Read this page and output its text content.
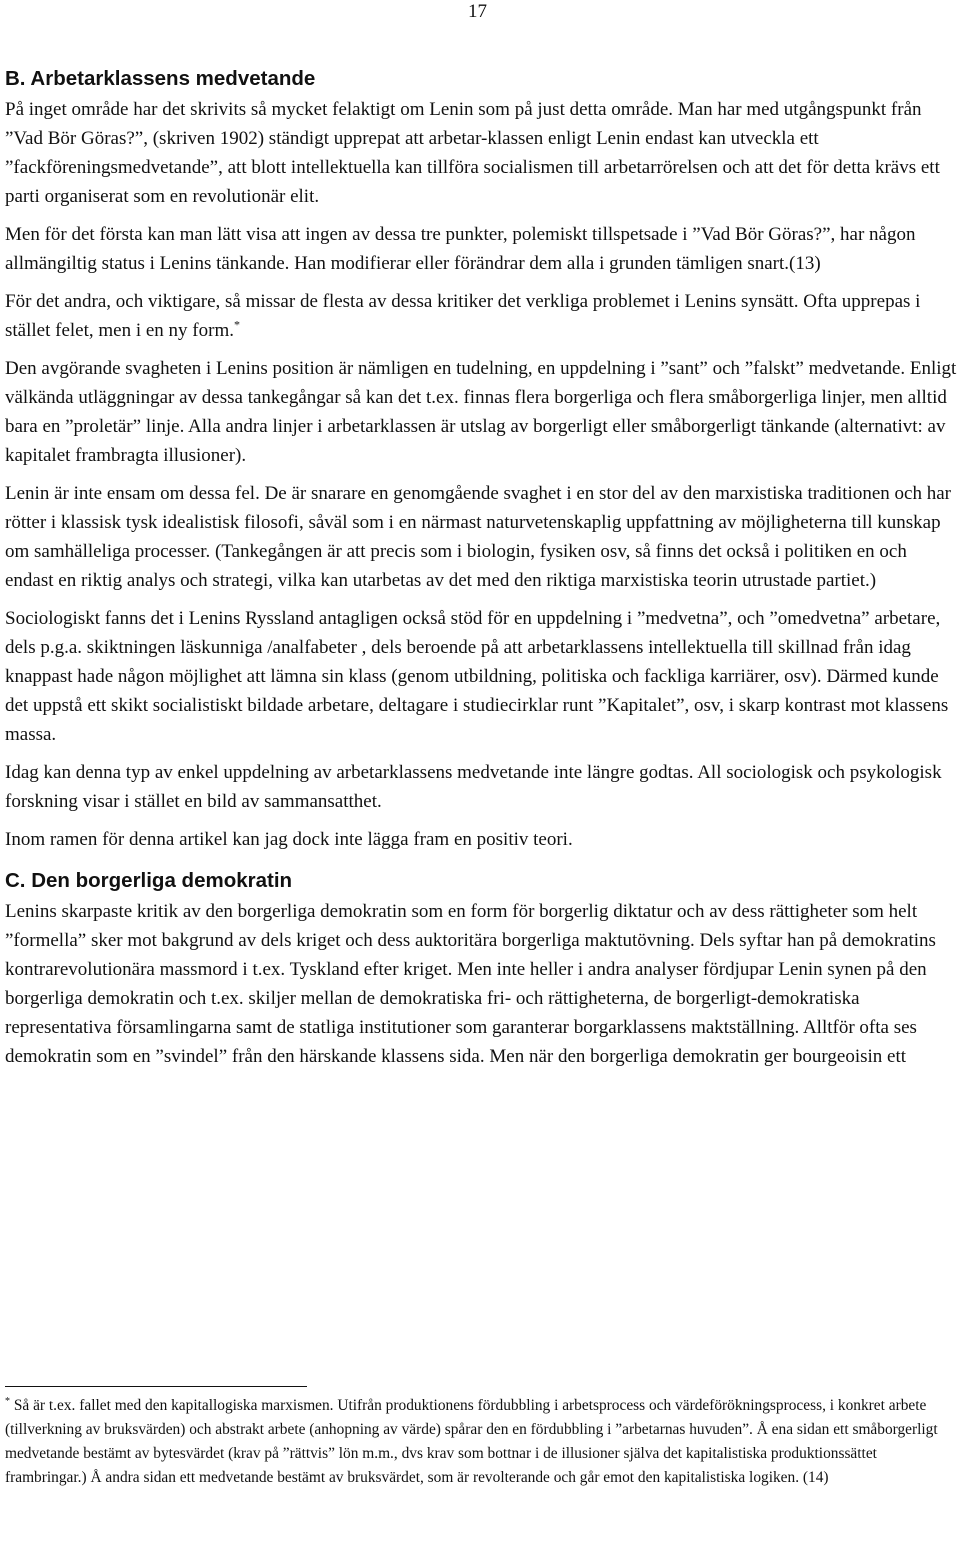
17
B. Arbetarklassens medvetande

På inget område har det skrivits så mycket felaktigt om Lenin som på just detta område. Man har med utgångspunkt från ”Vad Bör Göras?”, (skriven 1902) ständigt upprepat att arbetar-klassen enligt Lenin endast kan utveckla ett ”fackföreningsmedvetande”, att blott intellektuella kan tillföra socialismen till arbetarrörelsen och att det för detta krävs ett parti organiserat som en revolutionär elit.

Men för det första kan man lätt visa att ingen av dessa tre punkter, polemiskt tillspetsade i ”Vad Bör Göras?”, har någon allmängiltig status i Lenins tänkande. Han modifierar eller förändrar dem alla i grunden tämligen snart.(13)

För det andra, och viktigare, så missar de flesta av dessa kritiker det verkliga problemet i Lenins synsätt. Ofta upprepas i stället felet, men i en ny form.*

Den avgörande svagheten i Lenins position är nämligen en tudelning, en uppdelning i ”sant” och ”falskt” medvetande. Enligt välkända utläggningar av dessa tankegångar så kan det t.ex. finnas flera borgerliga och flera småborgerliga linjer, men alltid bara en ”proletär” linje. Alla andra linjer i arbetarklassen är utslag av borgerligt eller småborgerligt tänkande (alternativt: av kapitalet frambragta illusioner).

Lenin är inte ensam om dessa fel. De är snarare en genomgående svaghet i en stor del av den marxistiska traditionen och har rötter i klassisk tysk idealistisk filosofi, såväl som i en närmast naturvetenskaplig uppfattning av möjligheterna till kunskap om samhälleliga processer. (Tankegången är att precis som i biologin, fysiken osv, så finns det också i politiken en och endast en riktig analys och strategi, vilka kan utarbetas av det med den riktiga marxistiska teorin utrustade partiet.)

Sociologiskt fanns det i Lenins Ryssland antagligen också stöd för en uppdelning i ”medvetna”, och ”omedvetna” arbetare, dels p.g.a. skiktningen läskunniga /analfabeter , dels beroende på att arbetarklassens intellektuella till skillnad från idag knappast hade någon möjlighet att lämna sin klass (genom utbildning, politiska och fackliga karriärer, osv). Därmed kunde det uppstå ett skikt socialistiskt bildade arbetare, deltagare i studiecirklar runt ”Kapitalet”, osv, i skarp kontrast mot klassens massa.

Idag kan denna typ av enkel uppdelning av arbetarklassens medvetande inte längre godtas. All sociologisk och psykologisk forskning visar i stället en bild av sammansatthet.

Inom ramen för denna artikel kan jag dock inte lägga fram en positiv teori.

C. Den borgerliga demokratin

Lenins skarpaste kritik av den borgerliga demokratin som en form för borgerlig diktatur och av dess rättigheter som helt ”formella” sker mot bakgrund av dels kriget och dess auktoritära borgerliga maktutövning. Dels syftar han på demokratins kontrarevolutionära massmord i t.ex. Tyskland efter kriget. Men inte heller i andra analyser fördjupar Lenin synen på den borgerliga demokratin och t.ex. skiljer mellan de demokratiska fri- och rättigheterna, de borgerligt-demokratiska representativa församlingarna samt de statliga institutioner som garanterar borgarklassens maktställning. Alltför ofta ses demokratin som en ”svindel” från den härskande klassens sida. Men när den borgerliga demokratin ger bourgeoisin ett

* Så är t.ex. fallet med den kapitallogiska marxismen. Utifrån produktionens fördubbling i arbetsprocess och värdeförökningsprocess, i konkret arbete (tillverkning av bruksvärden) och abstrakt arbete (anhopning av värde) spårar den en fördubbling i ”arbetarnas huvuden”. Å ena sidan ett småborgerligt medvetande bestämt av bytesvärdet (krav på ”rättvis” lön m.m., dvs krav som bottnar i de illusioner själva det kapitalistiska produktionssättet frambringar.) Å andra sidan ett medvetande bestämt av bruksvärdet, som är revolterande och går emot den kapitalistiska logiken. (14)
